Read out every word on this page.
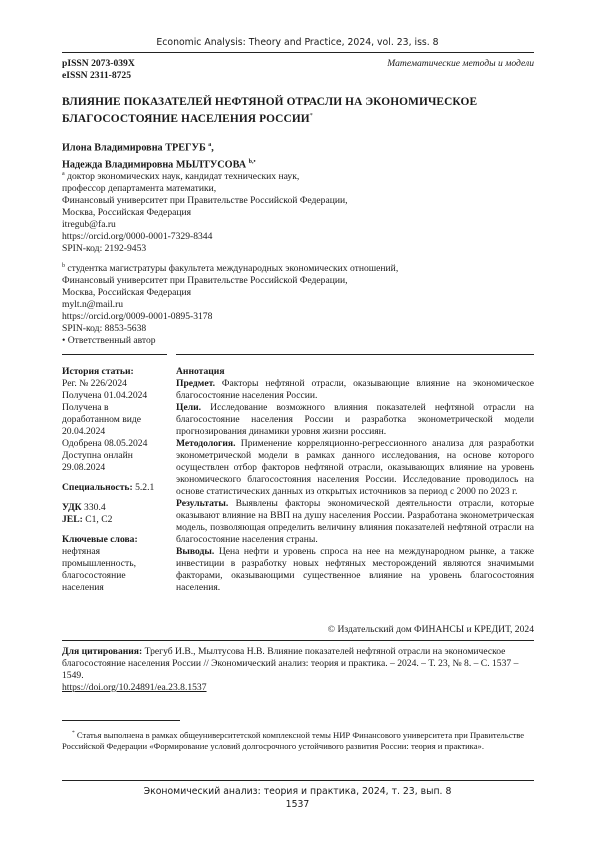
Economic Analysis: Theory and Practice, 2024, vol. 23, iss. 8
pISSN 2073-039X
eISSN 2311-8725
Математические методы и модели
ВЛИЯНИЕ ПОКАЗАТЕЛЕЙ НЕФТЯНОЙ ОТРАСЛИ НА ЭКОНОМИЧЕСКОЕ БЛАГОСОСТОЯНИЕ НАСЕЛЕНИЯ РОССИИ*
Илона Владимировна ТРЕГУБ $^a$,
Надежда Владимировна МЫЛТУСОВА $^{b,•}$
$^a$ доктор экономических наук, кандидат технических наук,
профессор департамента математики,
Финансовый университет при Правительстве Российской Федерации,
Москва, Российская Федерация
itregub@fa.ru
https://orcid.org/0000-0001-7329-8344
SPIN-код: 2192-9453
$^b$ студентка магистратуры факультета международных экономических отношений,
Финансовый университет при Правительстве Российской Федерации,
Москва, Российская Федерация
mylt.n@mail.ru
https://orcid.org/0009-0001-0895-3178
SPIN-код: 8853-5638
• Ответственный автор
История статьи:
Рег. № 226/2024
Получена 01.04.2024
Получена в доработанном виде 20.04.2024
Одобрена 08.05.2024
Доступна онлайн 29.08.2024
Специальность: 5.2.1
УДК 330.4
JEL: C1, C2
Ключевые слова:
нефтяная промышленность, благосостояние населения
Аннотация

Предмет. Факторы нефтяной отрасли, оказывающие влияние на экономическое благосостояние населения России.

Цели. Исследование возможного влияния показателей нефтяной отрасли на благосостояние населения России и разработка эконометрической модели прогнозирования динамики уровня жизни россиян.

Методология. Применение корреляционно-регрессионного анализа для разработки эконометрической модели в рамках данного исследования, на основе которого осуществлен отбор факторов нефтяной отрасли, оказывающих влияние на уровень экономического благосостояния населения России. Исследование проводилось на основе статистических данных из открытых источников за период с 2000 по 2023 г.

Результаты. Выявлены факторы экономической деятельности отрасли, которые оказывают влияние на ВВП на душу населения России. Разработана эконометрическая модель, позволяющая определить величину влияния показателей нефтяной отрасли на благосостояние населения страны.

Выводы. Цена нефти и уровень спроса на нее на международном рынке, а также инвестиции в разработку новых нефтяных месторождений являются значимыми факторами, оказывающими существенное влияние на уровень благосостояния населения.

© Издательский дом ФИНАНСЫ и КРЕДИТ, 2024
Для цитирования: Трегуб И.В., Мылтусова Н.В. Влияние показателей нефтяной отрасли на экономическое благосостояние населения России // Экономический анализ: теория и практика. – 2024. – Т. 23, № 8. – С. 1537 – 1549.
https://doi.org/10.24891/ea.23.8.1537
* Статья выполнена в рамках общеуниверситетской комплексной темы НИР Финансового университета при Правительстве Российской Федерации «Формирование условий долгосрочного устойчивого развития России: теория и практика».
Экономический анализ: теория и практика, 2024, т. 23, вып. 8
1537
